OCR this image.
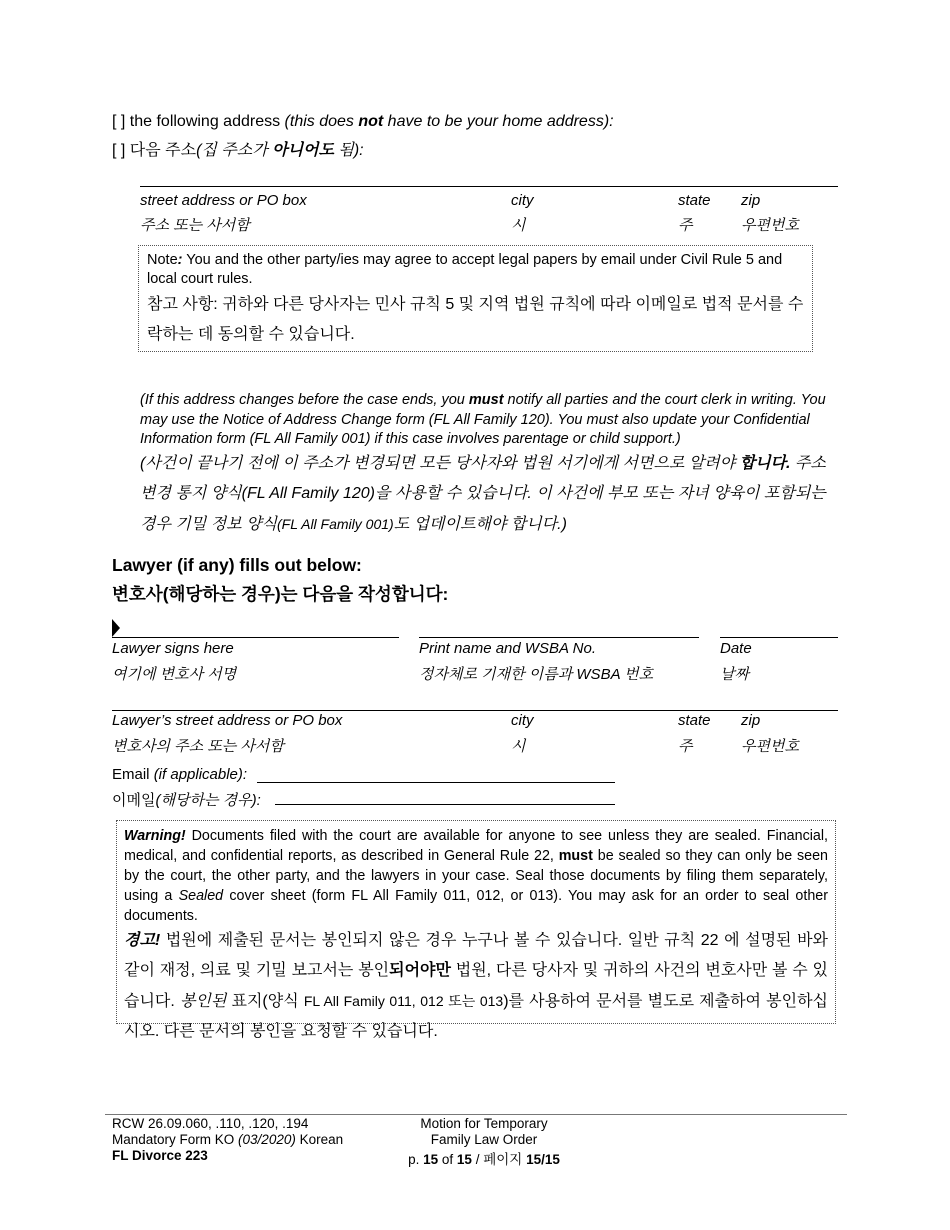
[ ] the following address (this does not have to be your home address):
[ ] 다음 주소(집 주소가 아니어도 됨):
street address or PO box
주소 또는 사서함
city
시
state
주
zip
우편번호
Note: You and the other party/ies may agree to accept legal papers by email under Civil Rule 5 and local court rules.
참고 사항: 귀하와 다른 당사자는 민사 규칙 5 및 지역 법원 규칙에 따라 이메일로 법적 문서를 수락하는 데 동의할 수 있습니다.
(If this address changes before the case ends, you must notify all parties and the court clerk in writing. You may use the Notice of Address Change form (FL All Family 120). You must also update your Confidential Information form (FL All Family 001) if this case involves parentage or child support.)
(사건이 끝나기 전에 이 주소가 변경되면 모든 당사자와 법원 서기에게 서면으로 알려야 합니다. 주소 변경 통지 양식(FL All Family 120)을 사용할 수 있습니다. 이 사건에 부모 또는 자녀 양육이 포함되는 경우 기밀 정보 양식(FL All Family 001)도 업데이트해야 합니다.)
Lawyer (if any) fills out below:
변호사(해당하는 경우)는 다음을 작성합니다:
Lawyer signs here
여기에 변호사 서명
Print name and WSBA No.
정자체로 기재한 이름과 WSBA 번호
Date
날짜
Lawyer’s street address or PO box
변호사의 주소 또는 사서함
city
시
state
주
zip
우편번호
Email (if applicable):
이메일(해당하는 경우):
Warning! Documents filed with the court are available for anyone to see unless they are sealed. Financial, medical, and confidential reports, as described in General Rule 22, must be sealed so they can only be seen by the court, the other party, and the lawyers in your case. Seal those documents by filing them separately, using a Sealed cover sheet (form FL All Family 011, 012, or 013). You may ask for an order to seal other documents.
경고! 법원에 제출된 문서는 봉인되지 않은 경우 누구나 볼 수 있습니다. 일반 규칙 22 에 설명된 바와 같이 재정, 의료 및 기밀 보고서는 봉인되어야만 법원, 다른 당사자 및 귀하의 사건의 변호사만 볼 수 있습니다. 봉인된 표지(양식 FL All Family 011, 012 또는 013)를 사용하여 문서를 별도로 제출하여 봉인하십시오. 다른 문서의 봉인을 요청할 수 있습니다.
RCW 26.09.060, .110, .120, .194
Mandatory Form KO (03/2020) Korean
FL Divorce 223
Motion for Temporary
Family Law Order
p. 15 of 15 / 페이지 15/15
